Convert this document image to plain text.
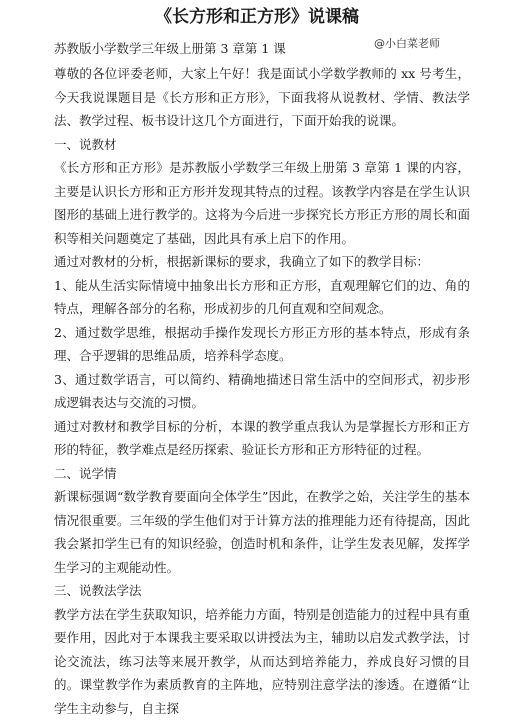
《长方形和正方形》说课稿
苏教版小学数学三年级上册第 3 章第 1 课	@小白菜老师

尊敬的各位评委老师，大家上午好！我是面试小学数学教师的 xx 号考生，今天我说课题目是《长方形和正方形》，下面我将从说教材、学情、教法学法、教学过程、板书设计这几个方面进行，下面开始我的说课。

一、说教材

《长方形和正方形》是苏教版小学数学三年级上册第 3 章第 1 课的内容，主要是认识长方形和正方形并发现其特点的过程。该教学内容是在学生认识图形的基础上进行教学的。这将为今后进一步探究长方形正方形的周长和面积等相关问题奠定了基础，因此具有承上启下的作用。

通过对教材的分析，根据新课标的要求，我确立了如下的教学目标：

1、能从生活实际情境中抽象出长方形和正方形，直观理解它们的边、角的特点，理解各部分的名称，形成初步的几何直观和空间观念。

2、通过数学思维，根据动手操作发现长方形正方形的基本特点，形成有条理、合乎逻辑的思维品质，培养科学态度。

3、通过数学语言，可以简约、精确地描述日常生活中的空间形式，初步形成逻辑表达与交流的习惯。

通过对教材和教学目标的分析，本课的教学重点我认为是掌握长方形和正方形的特征，教学难点是经历探索、验证长方形和正方形特征的过程。

二、说学情

新课标强调“数学教育要面向全体学生”因此，在教学之始，关注学生的基本情况很重要。三年级的学生他们对于计算方法的推理能力还有待提高，因此我会紧扣学生已有的知识经验，创造时机和条件，让学生发表见解，发挥学生学习的主观能动性。

三、说教法学法

教学方法在学生获取知识，培养能力方面，特别是创造能力的过程中具有重要作用，因此对于本课我主要采取以讲授法为主，辅助以启发式教学法，讨论交流法，练习法等来展开教学，从而达到培养能力，养成良好习惯的目的。课堂教学作为素质教育的主阵地，应特别注意学法的渗透。在遵循“让学生主动参与，自主探
